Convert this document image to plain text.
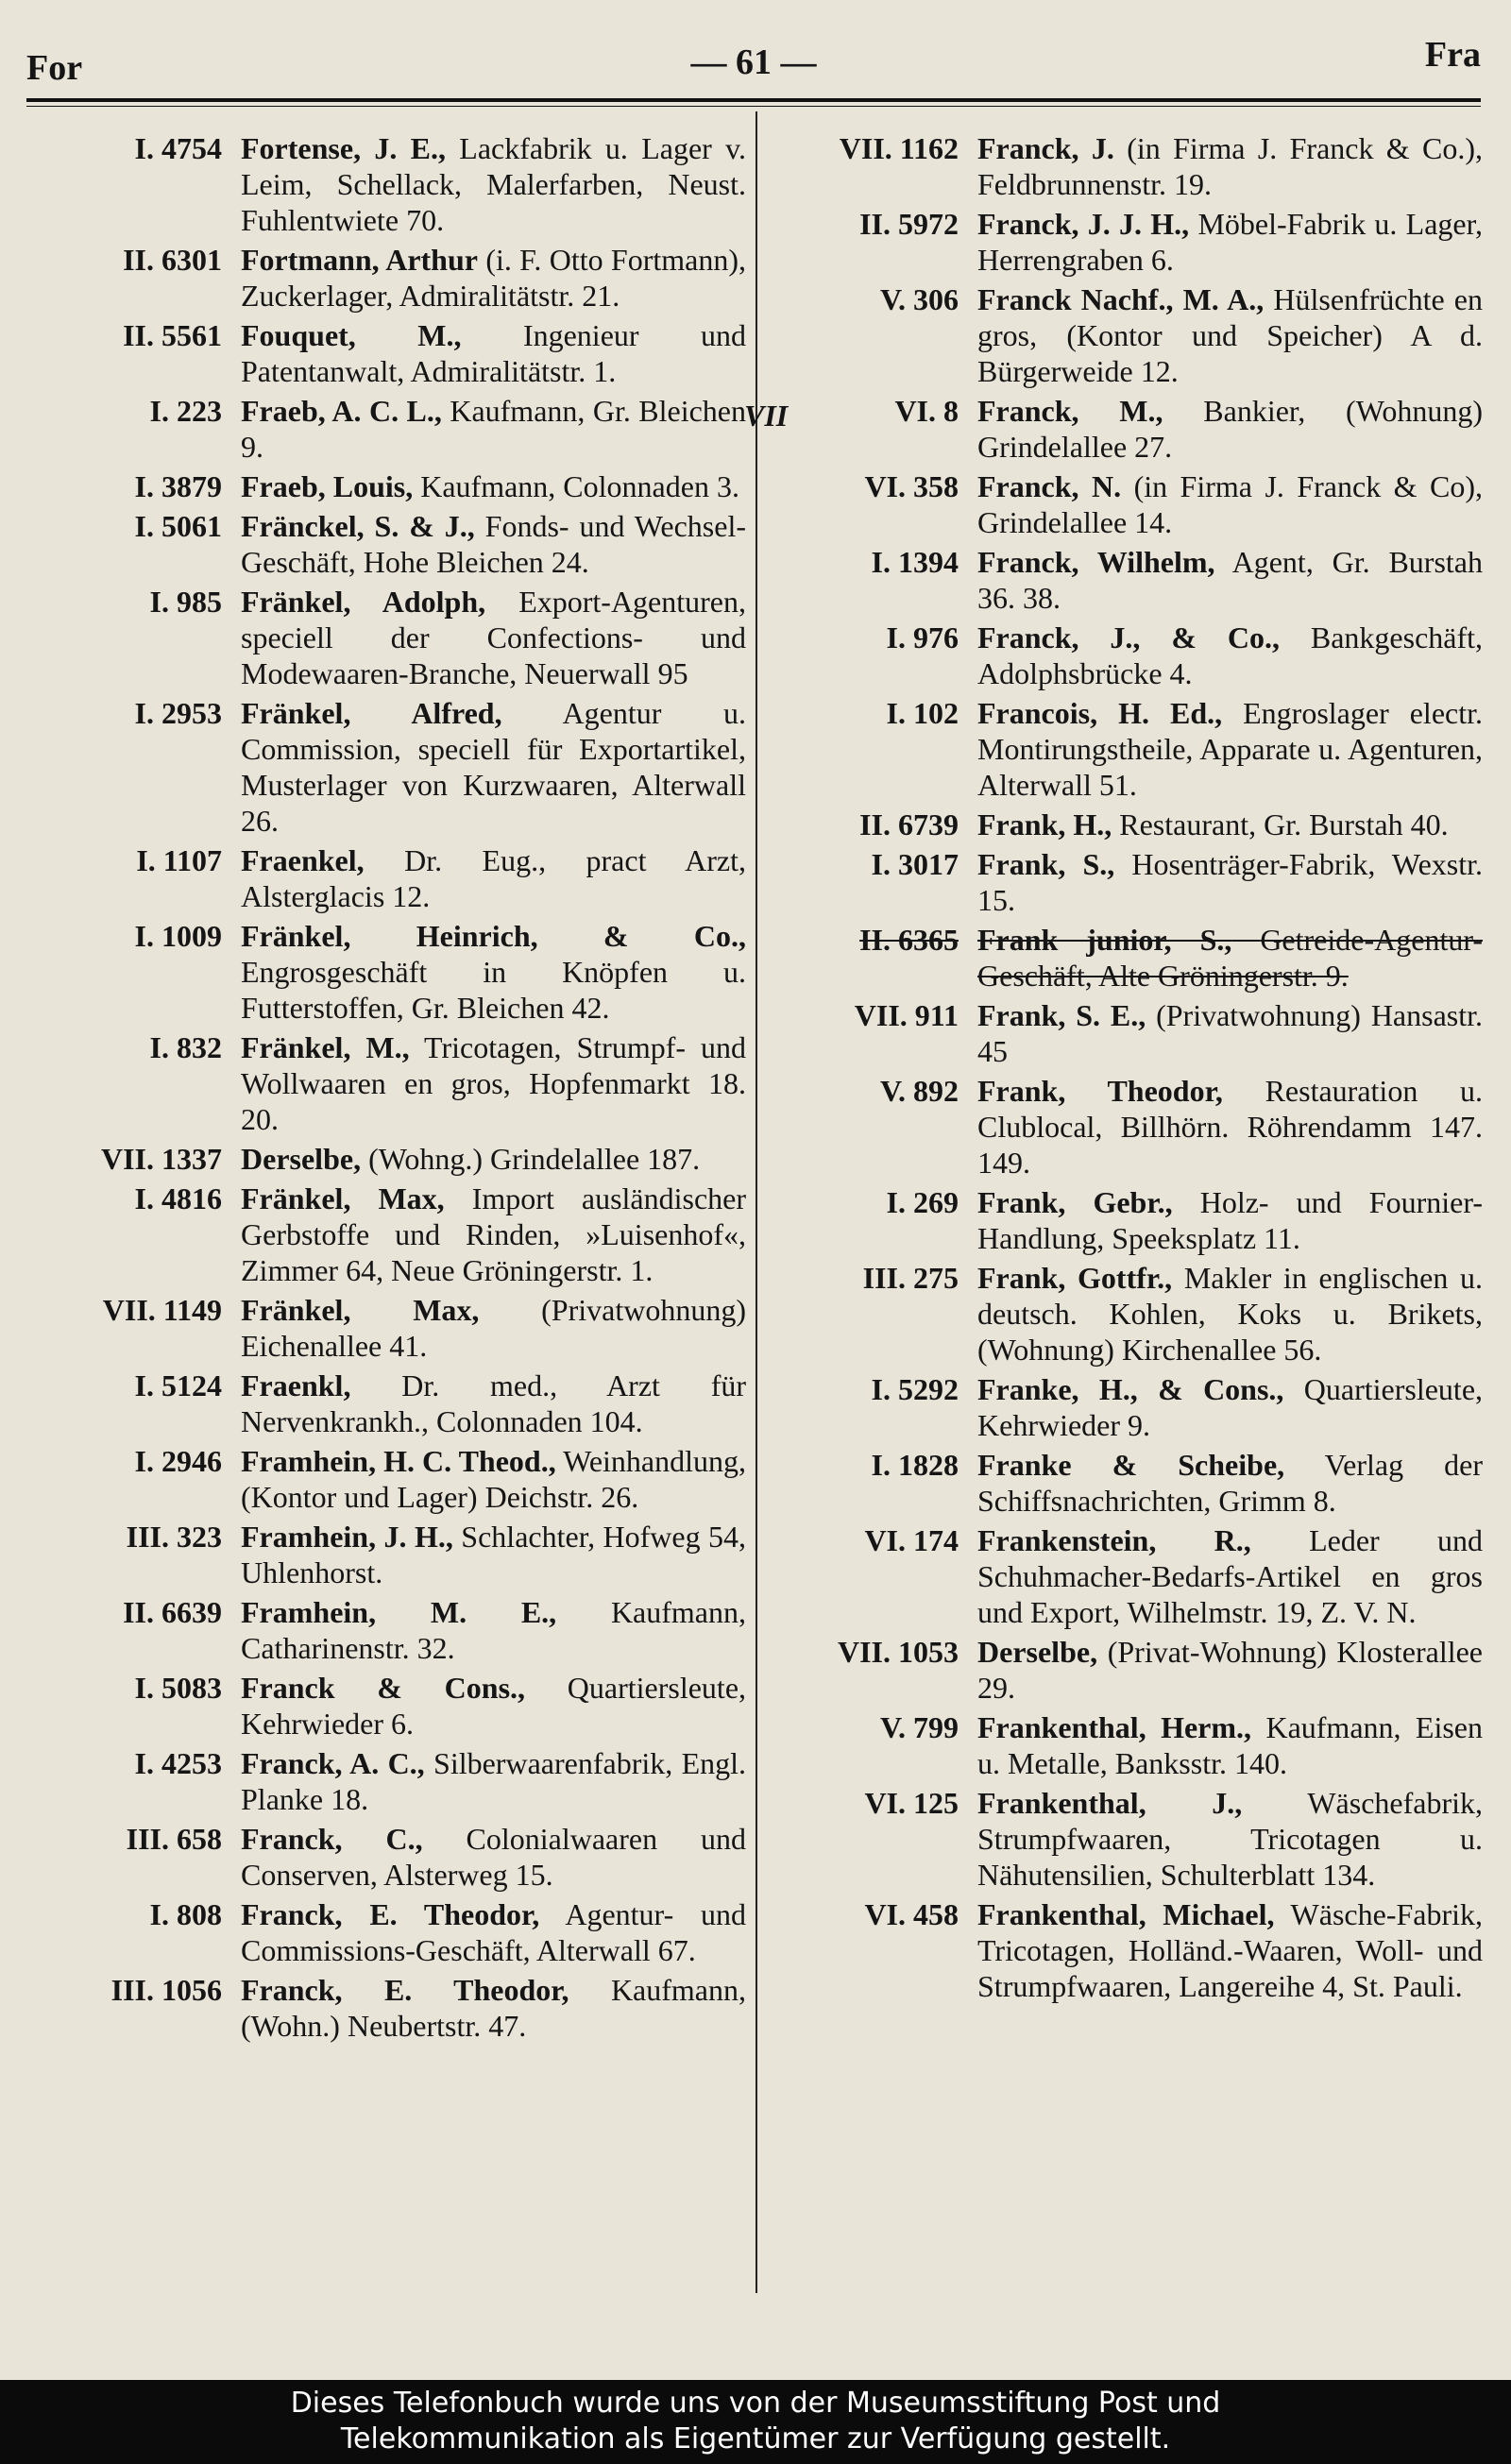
For	— 61 —	Fra
I. 4754 Fortense, J. E., Lackfabrik u. Lager v. Leim, Schellack, Malerfarben, Neust. Fuhlentwiete 70.
II. 6301 Fortmann, Arthur (i. F. Otto Fortmann), Zuckerlager, Admiralitätstr. 21.
II. 5561 Fouquet, M., Ingenieur und Patentanwalt, Admiralitätstr. 1.
I. 223 Fraeb, A. C. L., Kaufmann, Gr. Bleichen 9.
I. 3879 Fraeb, Louis, Kaufmann, Colonnaden 3.
I. 5061 Fränckel, S. & J., Fonds- und Wechsel-Geschäft, Hohe Bleichen 24.
I. 985 Fränkel, Adolph, Export-Agenturen, speciell der Confections- und Modewaaren-Branche, Neuerwall 95
I. 2953 Fränkel, Alfred, Agentur u. Commission, speciell für Exportartikel, Musterlager von Kurzwaaren, Alterwall 26.
I. 1107 Fraenkel, Dr. Eug., pract Arzt, Alsterglacis 12.
I. 1009 Fränkel, Heinrich, & Co., Engrosgeschäft in Knöpfen u. Futterstoffen, Gr. Bleichen 42.
I. 832 Fränkel, M., Tricotagen, Strumpf- und Wollwaaren en gros, Hopfenmarkt 18. 20.
VII. 1337 Derselbe, (Wohng.) Grindelallee 187.
I. 4816 Fränkel, Max, Import ausländischer Gerbstoffe und Rinden, »Luisenhof«, Zimmer 64, Neue Gröningerstr. 1.
VII. 1149 Fränkel, Max, (Privatwohnung) Eichenallee 41.
I. 5124 Fraenkl, Dr. med., Arzt für Nervenkrankh., Colonnaden 104.
I. 2946 Framhein, H. C. Theod., Weinhandlung, (Kontor und Lager) Deichstr. 26.
III. 323 Framhein, J. H., Schlachter, Hofweg 54, Uhlenhorst.
II. 6639 Framhein, M. E., Kaufmann, Catharinenstr. 32.
I. 5083 Franck & Cons., Quartiersleute, Kehrwieder 6.
I. 4253 Franck, A. C., Silberwaarenfabrik, Engl. Planke 18.
III. 658 Franck, C., Colonialwaaren und Conserven, Alsterweg 15.
I. 808 Franck, E. Theodor, Agentur- und Commissions-Geschäft, Alterwall 67.
III. 1056 Franck, E. Theodor, Kaufmann, (Wohn.) Neubertstr. 47.
VII. 1162 Franck, J. (in Firma J. Franck & Co.), Feldbrunnenstr. 19.
II. 5972 Franck, J. J. H., Möbel-Fabrik u. Lager, Herrengraben 6.
V. 306 Franck Nachf., M. A., Hülsenfrüchte en gros, (Kontor und Speicher) A d. Bürgerweide 12.
VII	VI. 8 Franck, M., Bankier, (Wohnung) Grindelallee 27.
VI. 358 Franck, N. (in Firma J. Franck & Co), Grindelallee 14.
I. 1394 Franck, Wilhelm, Agent, Gr. Burstah 36. 38.
I. 976 Franck, J., & Co., Bankgeschäft, Adolphsbrücke 4.
I. 102 Francois, H. Ed., Engroslager electr. Montirungstheile, Apparate u. Agenturen, Alterwall 51.
II. 6739 Frank, H., Restaurant, Gr. Burstah 40.
I. 3017 Frank, S., Hosenträger-Fabrik, Wexstr. 15.
II. 6365 Frank junior, S., Getreide-Agentur-Geschäft, Alte Gröningerstr. 9.
VII. 911 Frank, S. E., (Privatwohnung) Hansastr. 45
V. 892 Frank, Theodor, Restauration u. Clublocal, Billhörn. Röhrendamm 147. 149.
I. 269 Frank, Gebr., Holz- und Fournier-Handlung, Speeksplatz 11.
III. 275 Frank, Gottfr., Makler in englischen u. deutsch. Kohlen, Koks u. Brikets, (Wohnung) Kirchenallee 56.
I. 5292 Franke, H., & Cons., Quartiersleute, Kehrwieder 9.
I. 1828 Franke & Scheibe, Verlag der Schiffsnachrichten, Grimm 8.
VI. 174 Frankenstein, R., Leder und Schuhmacher-Bedarfs-Artikel en gros und Export, Wilhelmstr. 19, Z. V. N.
VII. 1053 Derselbe, (Privat-Wohnung) Klosterallee 29.
V. 799 Frankenthal, Herm., Kaufmann, Eisen u. Metalle, Banksstr. 140.
VI. 125 Frankenthal, J., Wäschefabrik, Strumpfwaaren, Tricotagen u. Nähutensilien, Schulterblatt 134.
VI. 458 Frankenthal, Michael, Wäsche-Fabrik, Tricotagen, Holländ.-Waaren, Woll- und Strumpfwaaren, Langereihe 4, St. Pauli.
Dieses Telefonbuch wurde uns von der Museumsstiftung Post und
Telekommunikation als Eigentümer zur Verfügung gestellt.
